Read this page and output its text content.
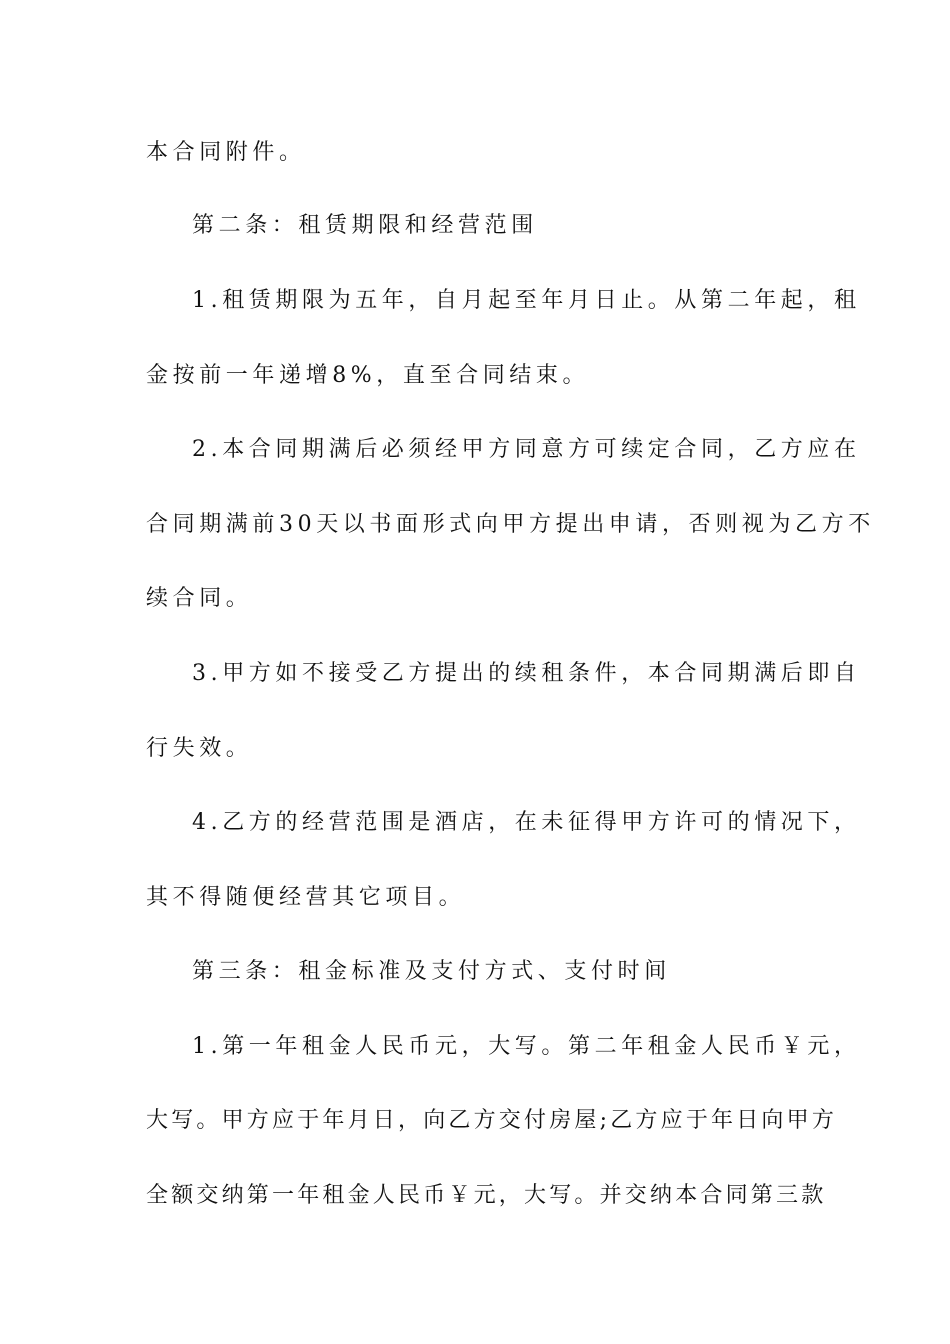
本合同附件。
第二条：租赁期限和经营范围
1.租赁期限为五年，自月起至年月日止。从第二年起，租
金按前一年递增8%，直至合同结束。
2.本合同期满后必须经甲方同意方可续定合同，乙方应在
合同期满前30天以书面形式向甲方提出申请，否则视为乙方不
续合同。
3.甲方如不接受乙方提出的续租条件，本合同期满后即自
行失效。
4.乙方的经营范围是酒店，在未征得甲方许可的情况下，
其不得随便经营其它项目。
第三条：租金标准及支付方式、支付时间
1.第一年租金人民币元，大写。第二年租金人民币￥元，
大写。甲方应于年月日，向乙方交付房屋;乙方应于年日向甲方
全额交纳第一年租金人民币￥元，大写。并交纳本合同第三款
